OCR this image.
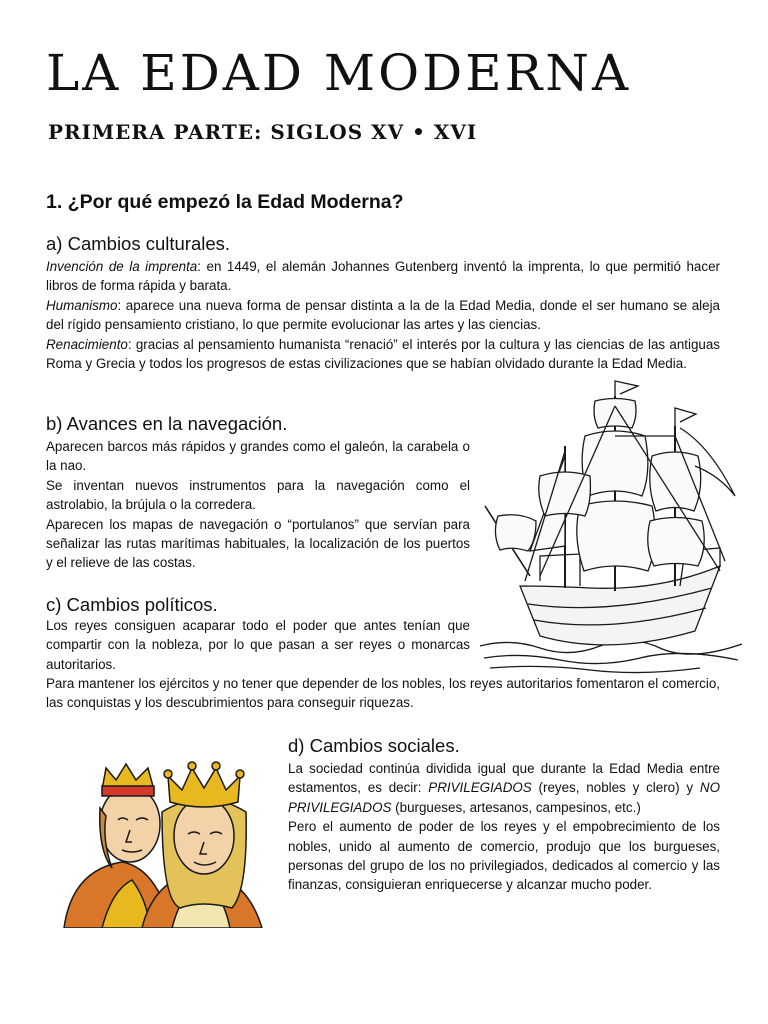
LA EDAD MODERNA
PRIMERA PARTE: SIGLOS XV • XVI
1. ¿Por qué empezó la Edad Moderna?
a) Cambios culturales.

Invención de la imprenta: en 1449, el alemán Johannes Gutenberg inventó la imprenta, lo que permitió hacer libros de forma rápida y barata.

Humanismo: aparece una nueva forma de pensar distinta a la de la Edad Media, donde el ser humano se aleja del rígido pensamiento cristiano, lo que permite evolucionar las artes y las ciencias.

Renacimiento: gracias al pensamiento humanista “renació” el interés por la cultura y las ciencias de las antiguas Roma y Grecia y todos los progresos de estas civilizaciones que se habían olvidado durante la Edad Media.

b) Avances en la navegación.

Aparecen barcos más rápidos y grandes como el galeón, la carabela o la nao.

Se inventan nuevos instrumentos para la navegación como el astrolabio, la brújula o la corredera.

Aparecen los mapas de navegación o “portulanos” que servían para señalizar las rutas marítimas habituales, la localización de los puertos y el relieve de las costas.

c) Cambios políticos.

Los reyes consiguen acaparar todo el poder que antes tenían que compartir con la nobleza, por lo que pasan a ser reyes o monarcas autoritarios.

Para mantener los ejércitos y no tener que depender de los nobles, los reyes autoritarios fomentaron el comercio, las conquistas y los descubrimientos para conseguir riquezas.

d) Cambios sociales.

La sociedad continúa dividida igual que durante la Edad Media entre estamentos, es decir: PRIVILEGIADOS (reyes, nobles y clero) y NO PRIVILEGIADOS (burgueses, artesanos, campesinos, etc.)

Pero el aumento de poder de los reyes y el empobrecimiento de los nobles, unido al aumento de comercio, produjo que los burgueses, personas del grupo de los no privilegiados, dedicados al comercio y las finanzas, consiguieran enriquecerse y alcanzar mucho poder.
